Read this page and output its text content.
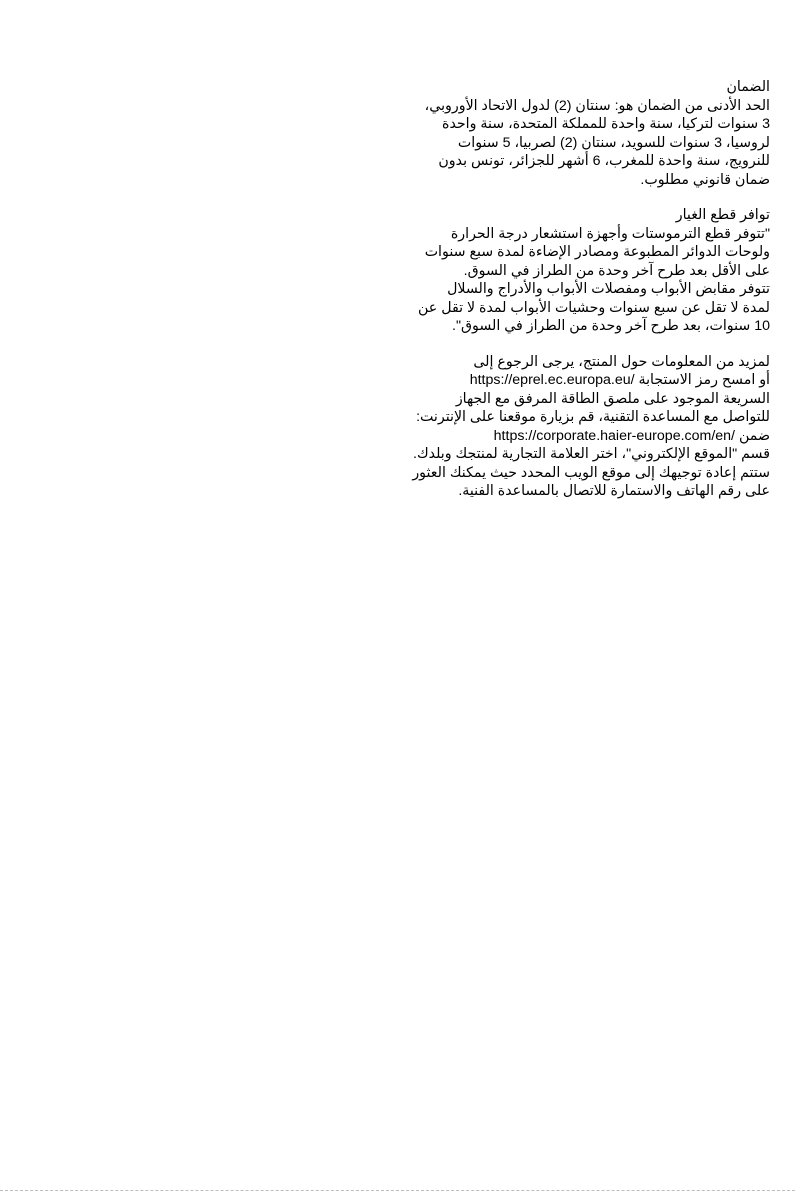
الضمان
الحد الأدنى من الضمان هو: سنتان (2) لدول الاتحاد الأوروبي،
3 سنوات لتركيا، سنة واحدة للمملكة المتحدة، سنة واحدة
لروسيا، 3 سنوات للسويد، سنتان (2) لصربيا، 5 سنوات
للنرويج، سنة واحدة للمغرب، 6 أشهر للجزائر، تونس بدون
ضمان قانوني مطلوب.
توافر قطع الغيار
"تتوفر قطع الترموستات وأجهزة استشعار درجة الحرارة
ولوحات الدوائر المطبوعة ومصادر الإضاءة لمدة سبع سنوات
على الأقل بعد طرح آخر وحدة من الطراز في السوق.
تتوفر مقابض الأبواب ومفصلات الأبواب والأدراج والسلال
لمدة لا تقل عن سبع سنوات وحشيات الأبواب لمدة لا تقل عن
10 سنوات، بعد طرح آخر وحدة من الطراز في السوق".
لمزيد من المعلومات حول المنتج، يرجى الرجوع إلى
https://eprel.ec.europa.eu/ أو امسح رمز الاستجابة
السريعة الموجود على ملصق الطاقة المرفق مع الجهاز
للتواصل مع المساعدة التقنية، قم بزيارة موقعنا على الإنترنت:
https://corporate.haier-europe.com/en/ ضمن
قسم "الموقع الإلكتروني"، اختر العلامة التجارية لمنتجك وبلدك.
ستتم إعادة توجيهك إلى موقع الويب المحدد حيث يمكنك العثور
على رقم الهاتف والاستمارة للاتصال بالمساعدة الفنية.
